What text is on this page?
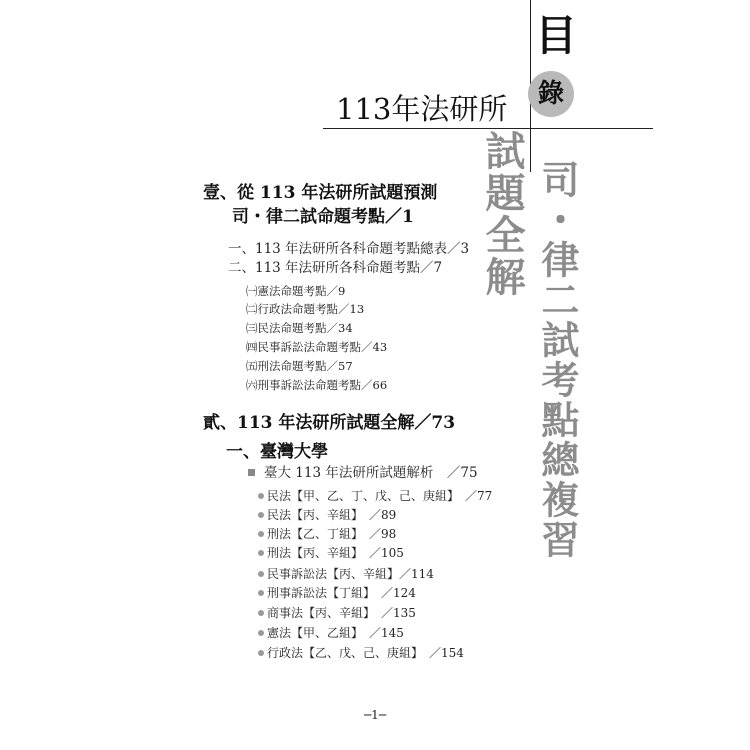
目
錄
113年法研所
試題全解 司・律二試考點總複習
壹、從 113 年法研所試題預測
司・律二試命題考點／1
一、113 年法研所各科命題考點總表／3
二、113 年法研所各科命題考點／7
㈠憲法命題考點／9
㈡行政法命題考點／13
㈢民法命題考點／34
㈣民事訴訟法命題考點／43
㈤刑法命題考點／57
㈥刑事訴訟法命題考點／66
貳、113 年法研所試題全解／73
一、臺灣大學
臺大 113 年法研所試題解析　／75
民法【甲、乙、丁、戊、己、庚組】　／77
民法【丙、辛組】　／89
刑法【乙、丁組】　／98
刑法【丙、辛組】　／105
民事訴訟法【丙、辛組】／114
刑事訴訟法【丁組】　／124
商事法【丙、辛組】　／135
憲法【甲、乙組】　／145
行政法【乙、戊、己、庚組】　／154
─1─
